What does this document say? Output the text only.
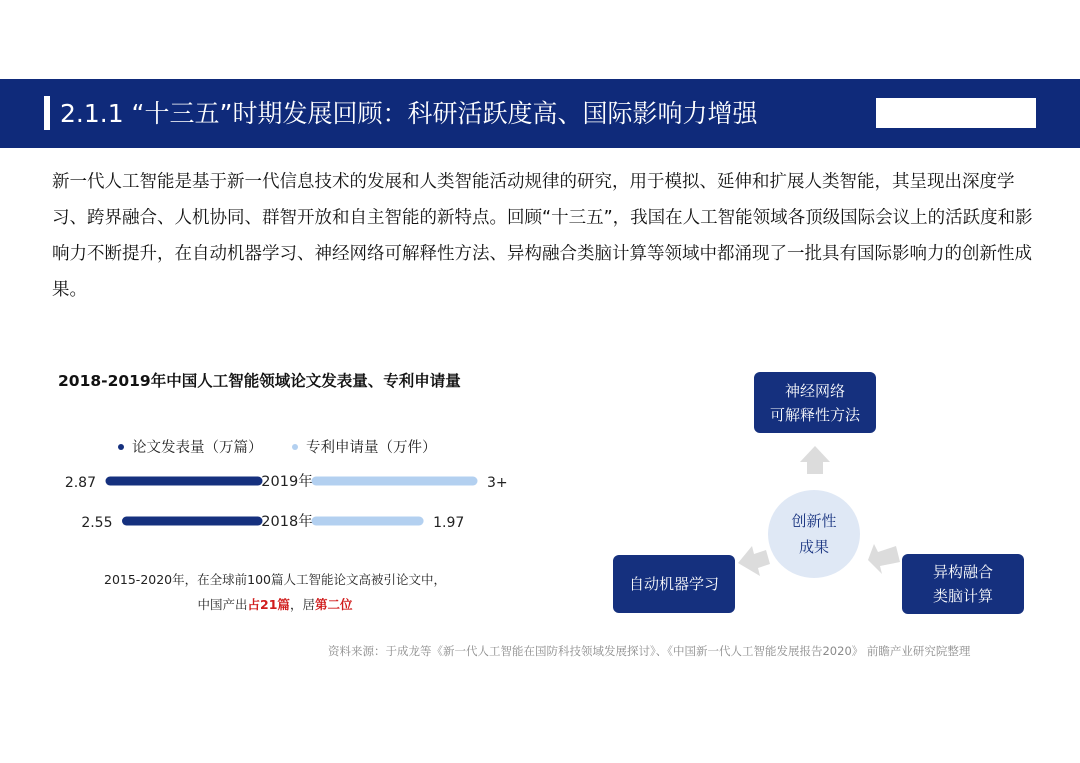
2.1.1 “十三五”时期发展回顾：科研活跃度高、国际影响力增强
新一代人工智能是基于新一代信息技术的发展和人类智能活动规律的研究，用于模拟、延伸和扩展人类智能，其呈现出深度学习、跨界融合、人机协同、群智开放和自主智能的新特点。回顾“十三五”，我国在人工智能领域各顶级国际会议上的活跃度和影响力不断提升，在自动机器学习、神经网络可解释性方法、异构融合类脑计算等领域中都涌现了一批具有国际影响力的创新性成果。
2018-2019年中国人工智能领域论文发表量、专利申请量
论文发表量（万篇）	专利申请量（万件）
2019年
2.87	3+
2018年
2.55	1.97
2015-2020年，在全球前100篇人工智能论文高被引论文中，
中国产出占21篇，居第二位
神经网络
可解释性方法
自动机器学习
异构融合
类脑计算
创新性
成果
资料来源：于成龙等《新一代人工智能在国防科技领域发展探讨》、《中国新一代人工智能发展报告2020》 前瞻产业研究院整理
